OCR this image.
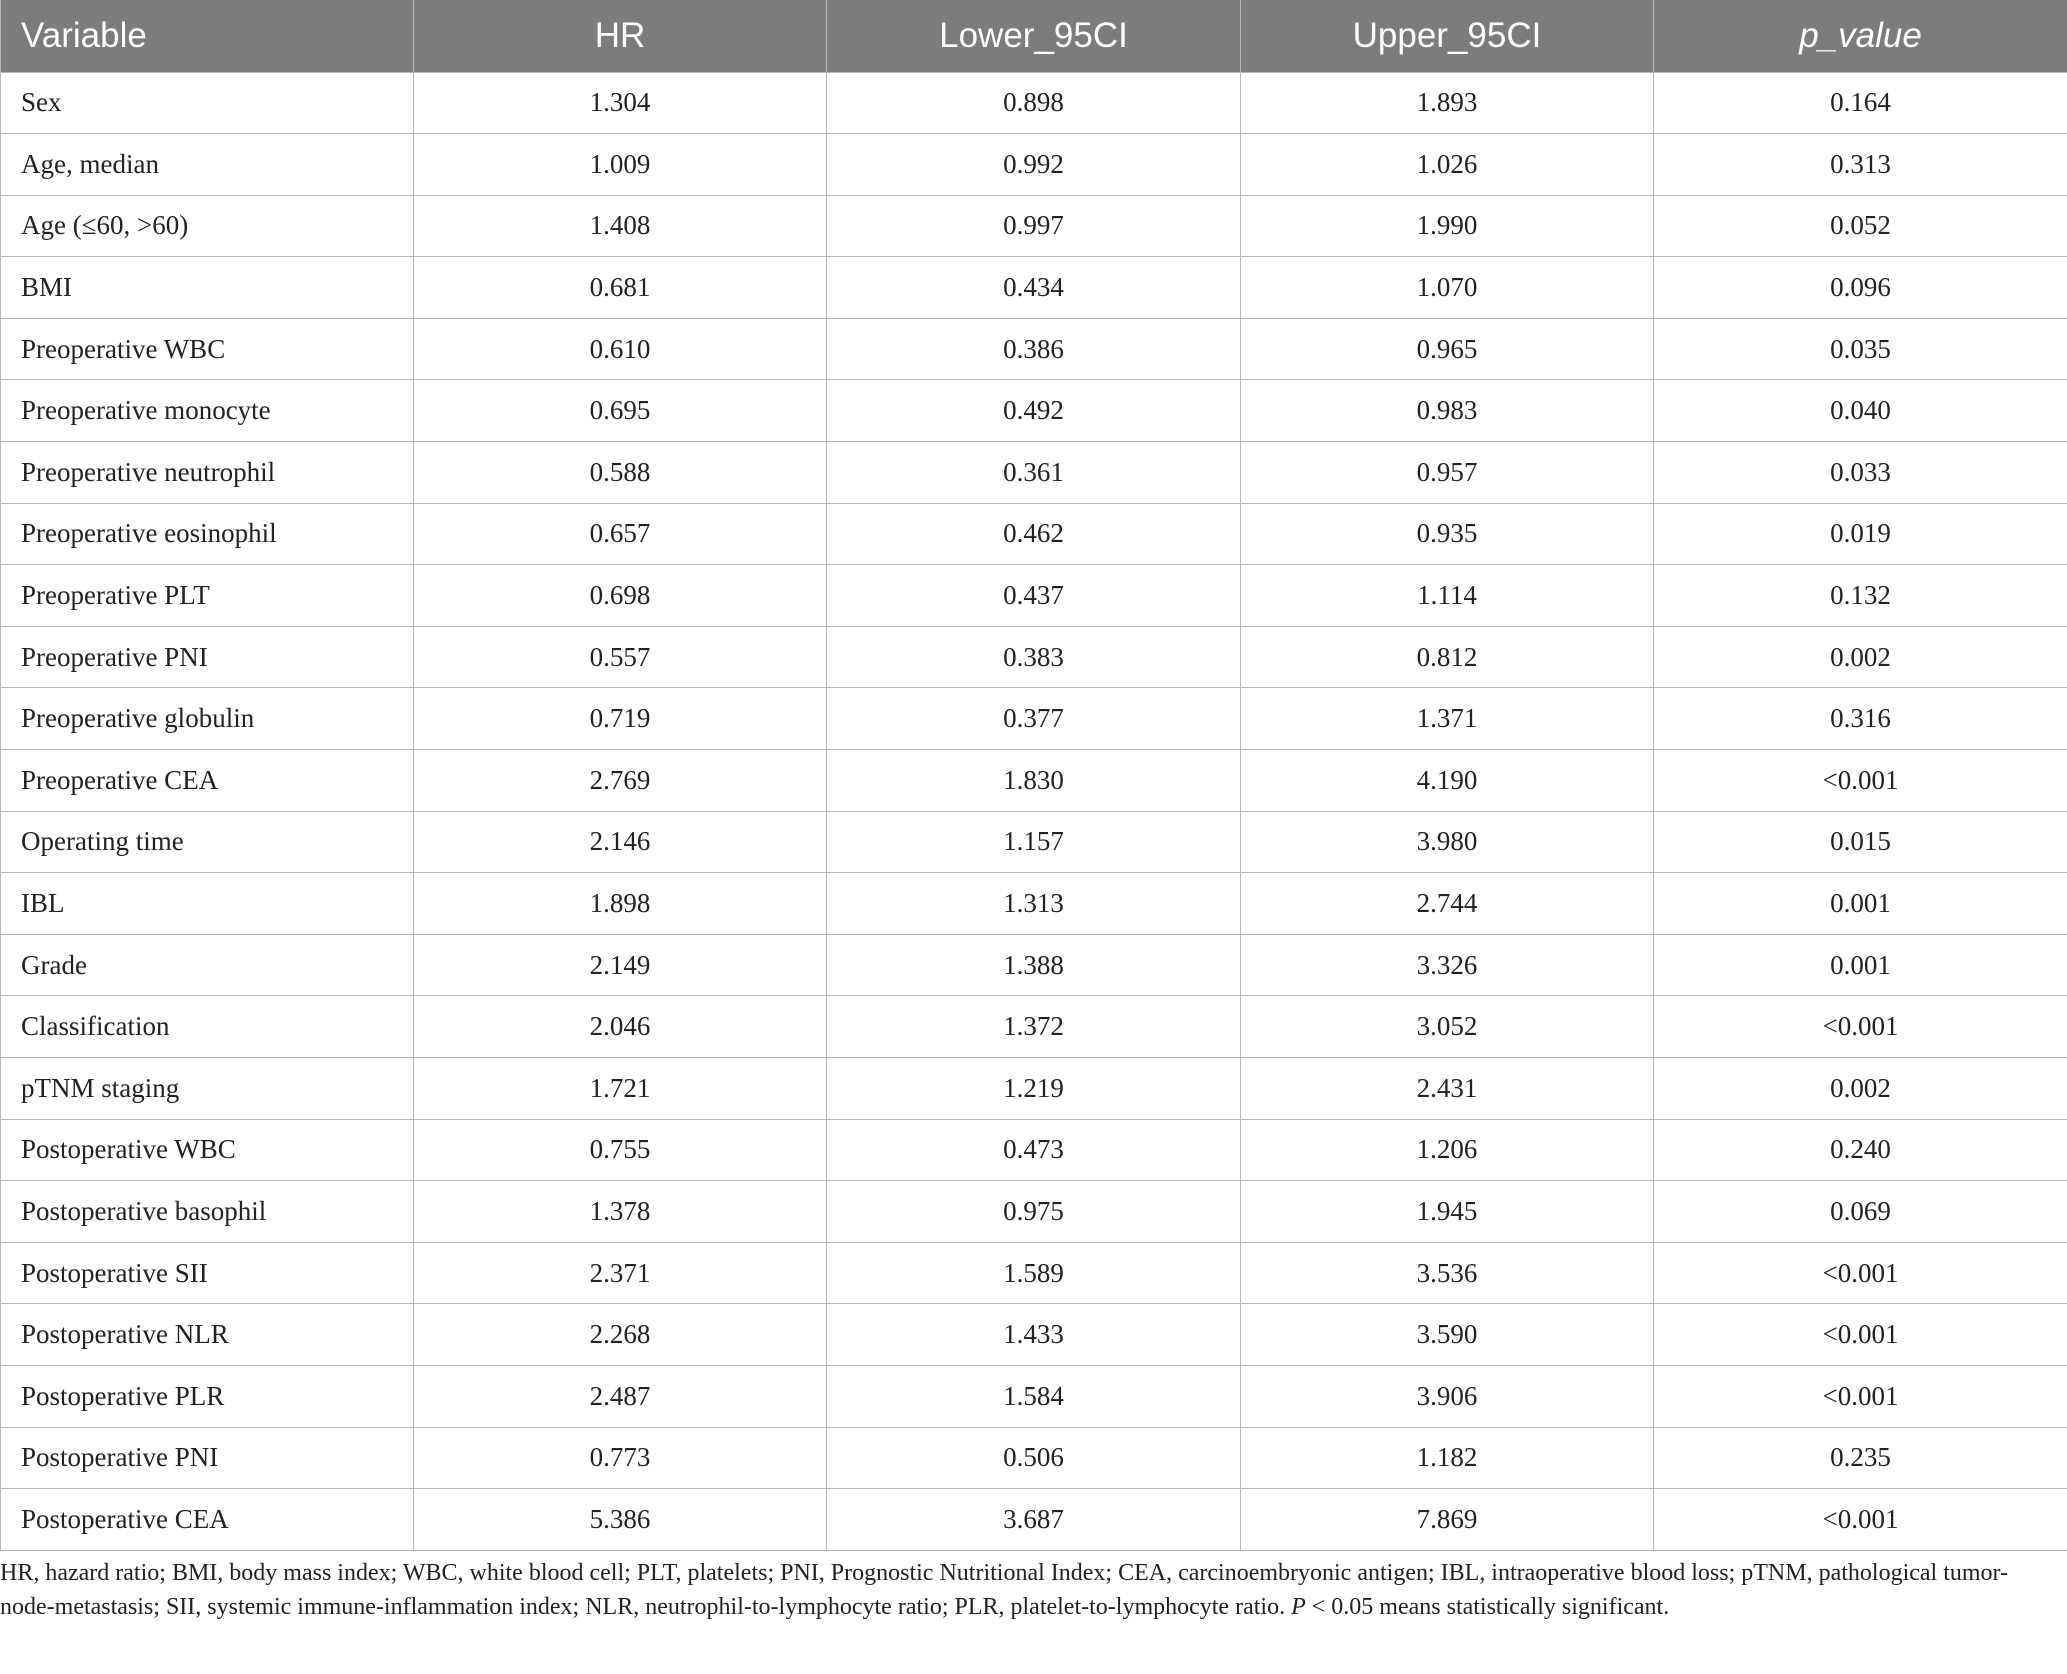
Variable	HR	Lower_95CI	Upper_95CI	p_value
Sex	1.304	0.898	1.893	0.164
Age, median	1.009	0.992	1.026	0.313
Age (≤60, >60)	1.408	0.997	1.990	0.052
BMI	0.681	0.434	1.070	0.096
Preoperative WBC	0.610	0.386	0.965	0.035
Preoperative monocyte	0.695	0.492	0.983	0.040
Preoperative neutrophil	0.588	0.361	0.957	0.033
Preoperative eosinophil	0.657	0.462	0.935	0.019
Preoperative PLT	0.698	0.437	1.114	0.132
Preoperative PNI	0.557	0.383	0.812	0.002
Preoperative globulin	0.719	0.377	1.371	0.316
Preoperative CEA	2.769	1.830	4.190	<0.001
Operating time	2.146	1.157	3.980	0.015
IBL	1.898	1.313	2.744	0.001
Grade	2.149	1.388	3.326	0.001
Classification	2.046	1.372	3.052	<0.001
pTNM staging	1.721	1.219	2.431	0.002
Postoperative WBC	0.755	0.473	1.206	0.240
Postoperative basophil	1.378	0.975	1.945	0.069
Postoperative SII	2.371	1.589	3.536	<0.001
Postoperative NLR	2.268	1.433	3.590	<0.001
Postoperative PLR	2.487	1.584	3.906	<0.001
Postoperative PNI	0.773	0.506	1.182	0.235
Postoperative CEA	5.386	3.687	7.869	<0.001
HR, hazard ratio; BMI, body mass index; WBC, white blood cell; PLT, platelets; PNI, Prognostic Nutritional Index; CEA, carcinoembryonic antigen; IBL, intraoperative blood loss; pTNM, pathological tumor-node-metastasis; SII, systemic immune-inflammation index; NLR, neutrophil-to-lymphocyte ratio; PLR, platelet-to-lymphocyte ratio. P < 0.05 means statistically significant.
